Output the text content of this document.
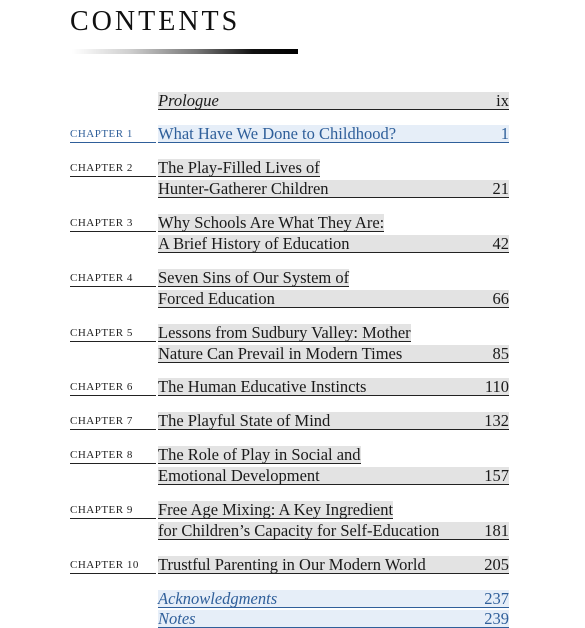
CONTENTS
Prologue	ix
CHAPTER 1	What Have We Done to Childhood?	1
CHAPTER 2	The Play-Filled Lives of
Hunter-Gatherer Children	21
CHAPTER 3	Why Schools Are What They Are:
A Brief History of Education	42
CHAPTER 4	Seven Sins of Our System of
Forced Education	66
CHAPTER 5	Lessons from Sudbury Valley: Mother
Nature Can Prevail in Modern Times	85
CHAPTER 6	The Human Educative Instincts	110
CHAPTER 7	The Playful State of Mind	132
CHAPTER 8	The Role of Play in Social and
Emotional Development	157
CHAPTER 9	Free Age Mixing: A Key Ingredient
for Children’s Capacity for Self-Education	181
CHAPTER 10	Trustful Parenting in Our Modern World	205
Acknowledgments	237
Notes	239
